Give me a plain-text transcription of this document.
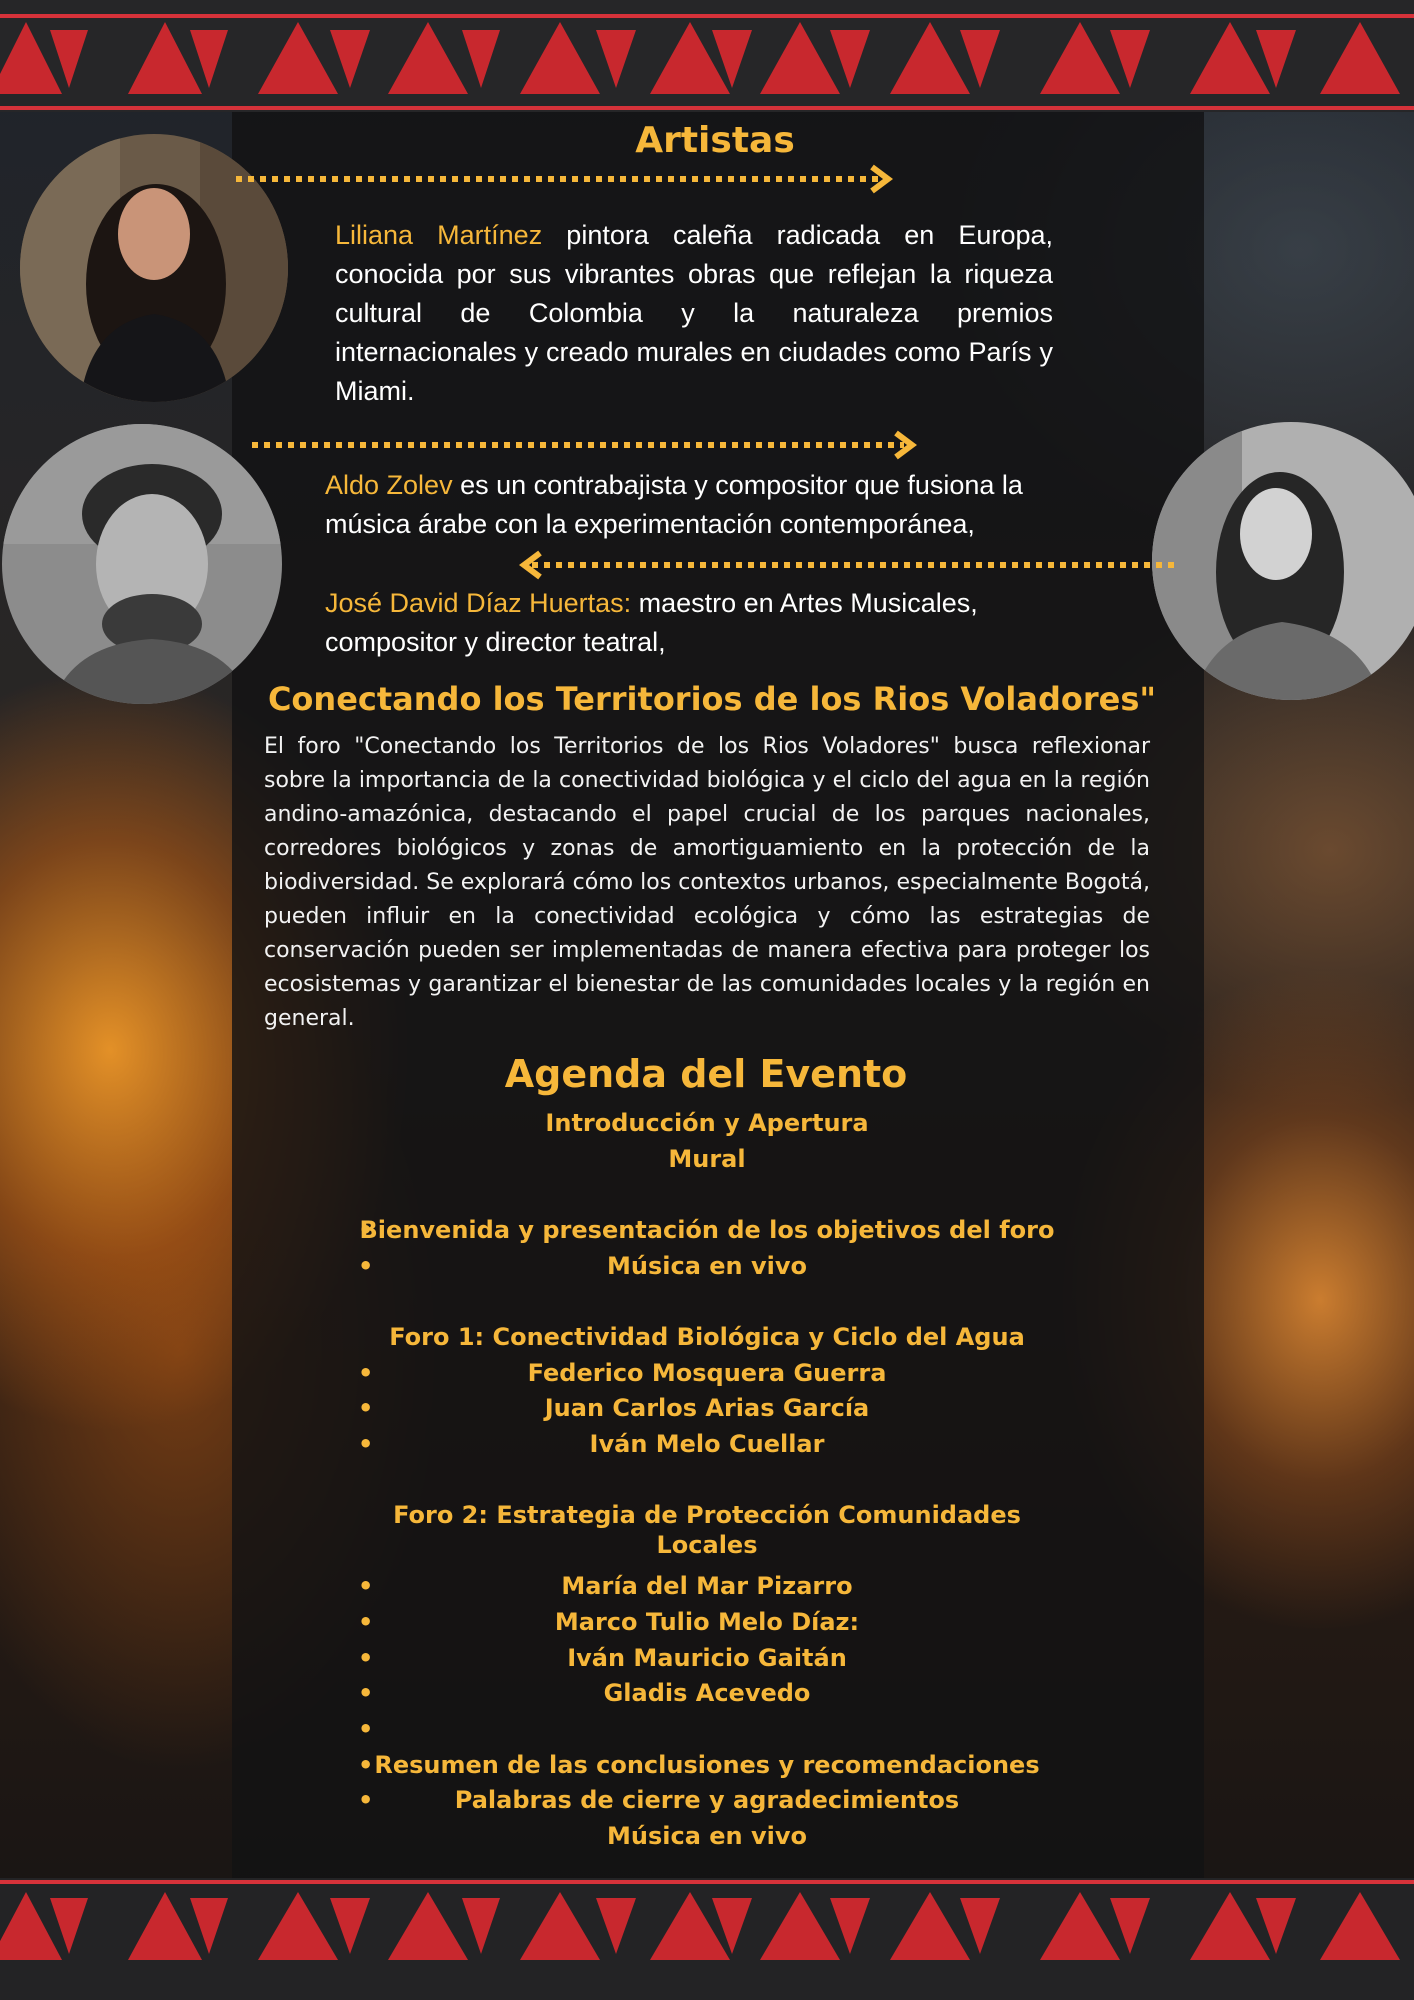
Artistas
Liliana Martínez pintora caleña radicada en Europa, conocida por sus vibrantes obras que reflejan la riqueza cultural de Colombia y la naturaleza premios internacionales y creado murales en ciudades como París y Miami.
Aldo Zolev es un contrabajista y compositor que fusiona la música árabe con la experimentación contemporánea,
José David Díaz Huertas: maestro en Artes Musicales, compositor y director teatral,
Conectando los Territorios de los Rios Voladores"
El foro "Conectando los Territorios de los Rios Voladores" busca reflexionar sobre la importancia de la conectividad biológica y el ciclo del agua en la región andino-amazónica, destacando el papel crucial de los parques nacionales, corredores biológicos y zonas de amortiguamiento en la protección de la biodiversidad. Se explorará cómo los contextos urbanos, especialmente Bogotá, pueden influir en la conectividad ecológica y cómo las estrategias de conservación pueden ser implementadas de manera efectiva para proteger los ecosistemas y garantizar el bienestar de las comunidades locales y la región en general.
Agenda del Evento
Introducción y Apertura
Mural
• Bienvenida y presentación de los objetivos del foro
• Música en vivo
Foro 1: Conectividad Biológica y Ciclo del Agua
• Federico Mosquera Guerra
• Juan Carlos Arias García
• Iván Melo Cuellar
Foro 2: Estrategia de Protección Comunidades Locales
• María del Mar Pizarro
• Marco Tulio Melo Díaz:
• Iván Mauricio Gaitán
• Gladis Acevedo
• Resumen de las conclusiones y recomendaciones
• Palabras de cierre y agradecimientos
Música en vivo
